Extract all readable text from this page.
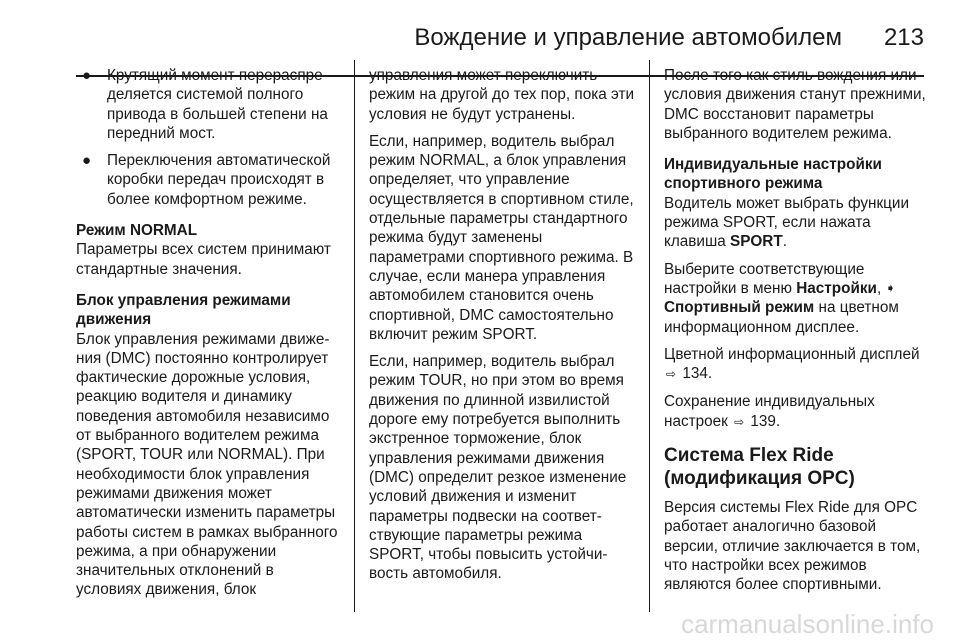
Вождение и управление автомобилем 213
● Крутящий момент перераспределяется системой полного привода в большей степени на передний мост.
● Переключения автоматической коробки передач происходят в более комфортном режиме.
Режим NORMAL

Параметры всех систем принимают стандартные значения.

Блок управления режимами движения

Блок управления режимами движения (DMC) постоянно контролирует фактические дорожные условия, реакцию водителя и динамику поведения автомобиля независимо от выбранного водителем режима (SPORT, TOUR или NORMAL). При необходимости блок управления режимами движения может автоматически изменить параметры работы систем в рамках выбранного режима, а при обнаружении значительных отклонений в условиях движения, блок

управления может переключить режим на другой до тех пор, пока эти условия не будут устранены.

Если, например, водитель выбрал режим NORMAL, а блок управления определяет, что управление осуществляется в спортивном стиле, отдельные параметры стандартного режима будут заменены параметрами спортивного режима. В случае, если манера управления автомобилем становится очень спортивной, DMC самостоятельно включит режим SPORT.

Если, например, водитель выбрал режим TOUR, но при этом во время движения по длинной извилистой дороге ему потребуется выполнить экстренное торможение, блок управления режимами движения (DMC) определит резкое изменение условий движения и изменит параметры подвески на соответствующие параметры режима SPORT, чтобы повысить устойчивость автомобиля.

После того как стиль вождения или условия движения станут прежними, DMC восстановит параметры выбранного водителем режима.

Индивидуальные настройки спортивного режима

Водитель может выбрать функции режима SPORT, если нажата клавиша SPORT.

Выберите соответствующие настройки в меню Настройки, ➧ Спортивный режим на цветном информационном дисплее.

Цветной информационный дисплей ⇨ 134.

Сохранение индивидуальных настроек ⇨ 139.

Система Flex Ride (модификация OPC)

Версия системы Flex Ride для OPC работает аналогично базовой версии, отличие заключается в том, что настройки всех режимов являются более спортивными.

carmanualsonline.info
